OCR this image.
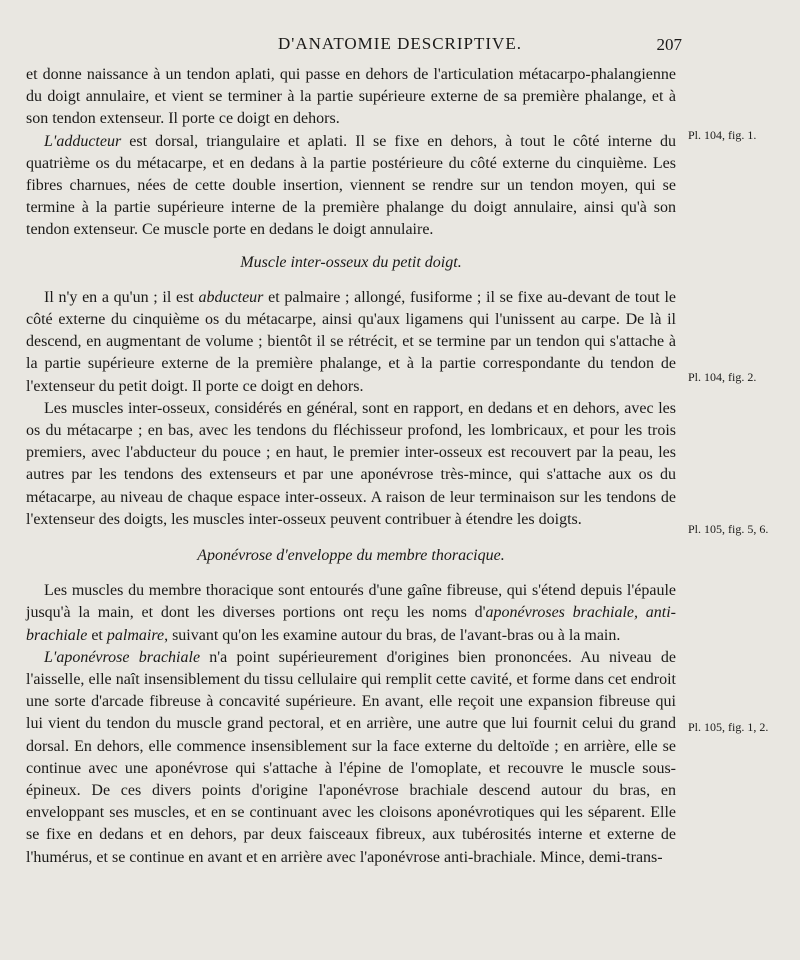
D'ANATOMIE DESCRIPTIVE.	207

et donne naissance à un tendon aplati, qui passe en dehors de l'articulation métacarpo-phalangienne du doigt annulaire, et vient se terminer à la partie supérieure externe de sa première phalange, et à son tendon extenseur. Il porte ce doigt en dehors.

L'adducteur est dorsal, triangulaire et aplati. Il se fixe en dehors, à tout le côté interne du quatrième os du métacarpe, et en dedans à la partie postérieure du côté externe du cinquième. Les fibres charnues, nées de cette double insertion, viennent se rendre sur un tendon moyen, qui se termine à la partie supérieure interne de la première phalange du doigt annulaire, ainsi qu'à son tendon extenseur. Ce muscle porte en dedans le doigt annulaire.

Muscle inter-osseux du petit doigt.

Il n'y en a qu'un ; il est abducteur et palmaire ; allongé, fusiforme ; il se fixe au-devant de tout le côté externe du cinquième os du métacarpe, ainsi qu'aux ligamens qui l'unissent au carpe. De là il descend, en augmentant de volume ; bientôt il se rétrécit, et se termine par un tendon qui s'attache à la partie supérieure externe de la première phalange, et à la partie correspondante du tendon de l'extenseur du petit doigt. Il porte ce doigt en dehors.

Les muscles inter-osseux, considérés en général, sont en rapport, en dedans et en dehors, avec les os du métacarpe ; en bas, avec les tendons du fléchisseur profond, les lombricaux, et pour les trois premiers, avec l'abducteur du pouce ; en haut, le premier inter-osseux est recouvert par la peau, les autres par les tendons des extenseurs et par une aponévrose très-mince, qui s'attache aux os du métacarpe, au niveau de chaque espace inter-osseux. A raison de leur terminaison sur les tendons de l'extenseur des doigts, les muscles inter-osseux peuvent contribuer à étendre les doigts.

Aponévrose d'enveloppe du membre thoracique.

Les muscles du membre thoracique sont entourés d'une gaîne fibreuse, qui s'étend depuis l'épaule jusqu'à la main, et dont les diverses portions ont reçu les noms d'aponévroses brachiale, anti-brachiale et palmaire, suivant qu'on les examine autour du bras, de l'avant-bras ou à la main.

L'aponévrose brachiale n'a point supérieurement d'origines bien prononcées. Au niveau de l'aisselle, elle naît insensiblement du tissu cellulaire qui remplit cette cavité, et forme dans cet endroit une sorte d'arcade fibreuse à concavité supérieure. En avant, elle reçoit une expansion fibreuse qui lui vient du tendon du muscle grand pectoral, et en arrière, une autre que lui fournit celui du grand dorsal. En dehors, elle commence insensiblement sur la face externe du deltoïde ; en arrière, elle se continue avec une aponévrose qui s'attache à l'épine de l'omoplate, et recouvre le muscle sous-épineux. De ces divers points d'origine l'aponévrose brachiale descend autour du bras, en enveloppant ses muscles, et en se continuant avec les cloisons aponévrotiques qui les séparent. Elle se fixe en dedans et en dehors, par deux faisceaux fibreux, aux tubérosités interne et externe de l'humérus, et se continue en avant et en arrière avec l'aponévrose anti-brachiale. Mince, demi-trans-

Pl. 104, fig. 1.
Pl. 104, fig. 2.
Pl. 105, fig. 5, 6.
Pl. 105, fig. 1, 2.
